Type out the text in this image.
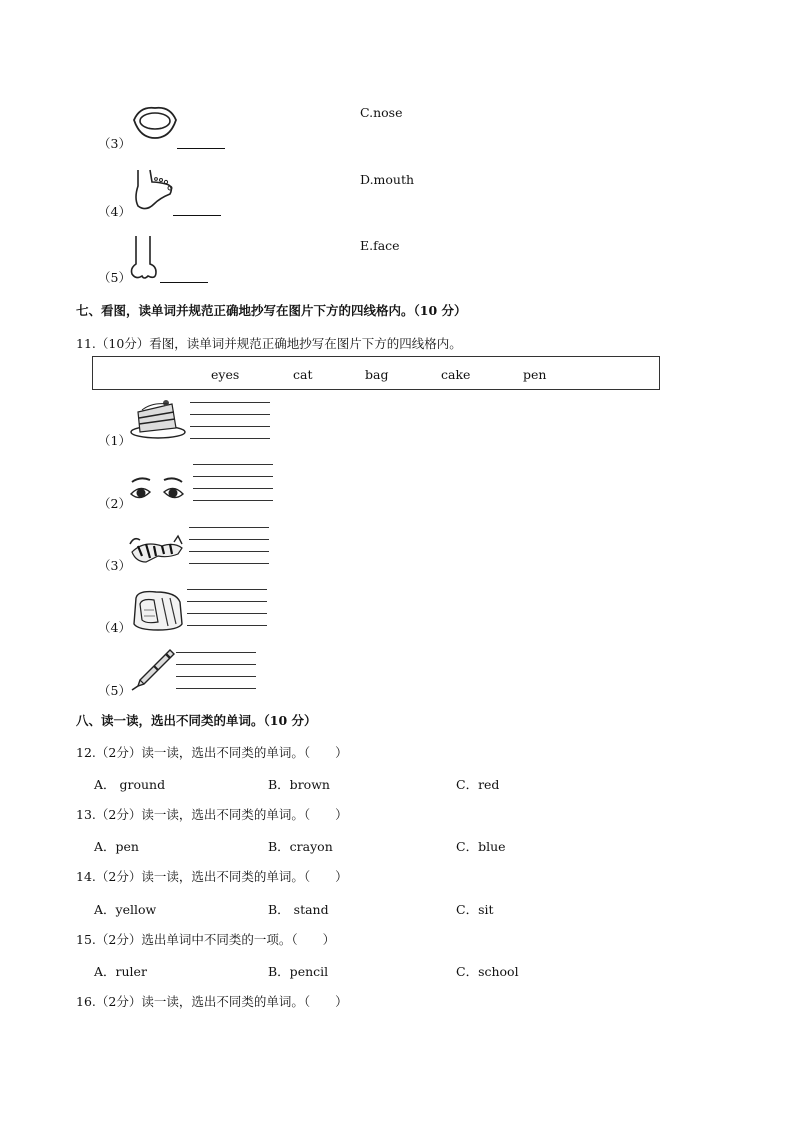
（3）
C.nose
（4）
D.mouth
（5）
E.face
七、看图，读单词并规范正确地抄写在图片下方的四线格内。（10 分）
11.（10分）看图，读单词并规范正确地抄写在图片下方的四线格内。
eyes	cat	bag	cake	pen
（1）
（2）
（3）
（4）
（5）
八、读一读，选出不同类的单词。（10 分）
12.（2分）读一读，选出不同类的单词。（　　）
A． ground	B．brown	C．red
13.（2分）读一读，选出不同类的单词。（　　）
A．pen	B．crayon	C．blue
14.（2分）读一读，选出不同类的单词。（　　）
A．yellow	B． stand	C．sit
15.（2分）选出单词中不同类的一项。（　　）
A．ruler	B．pencil	C．school
16.（2分）读一读，选出不同类的单词。（　　）
